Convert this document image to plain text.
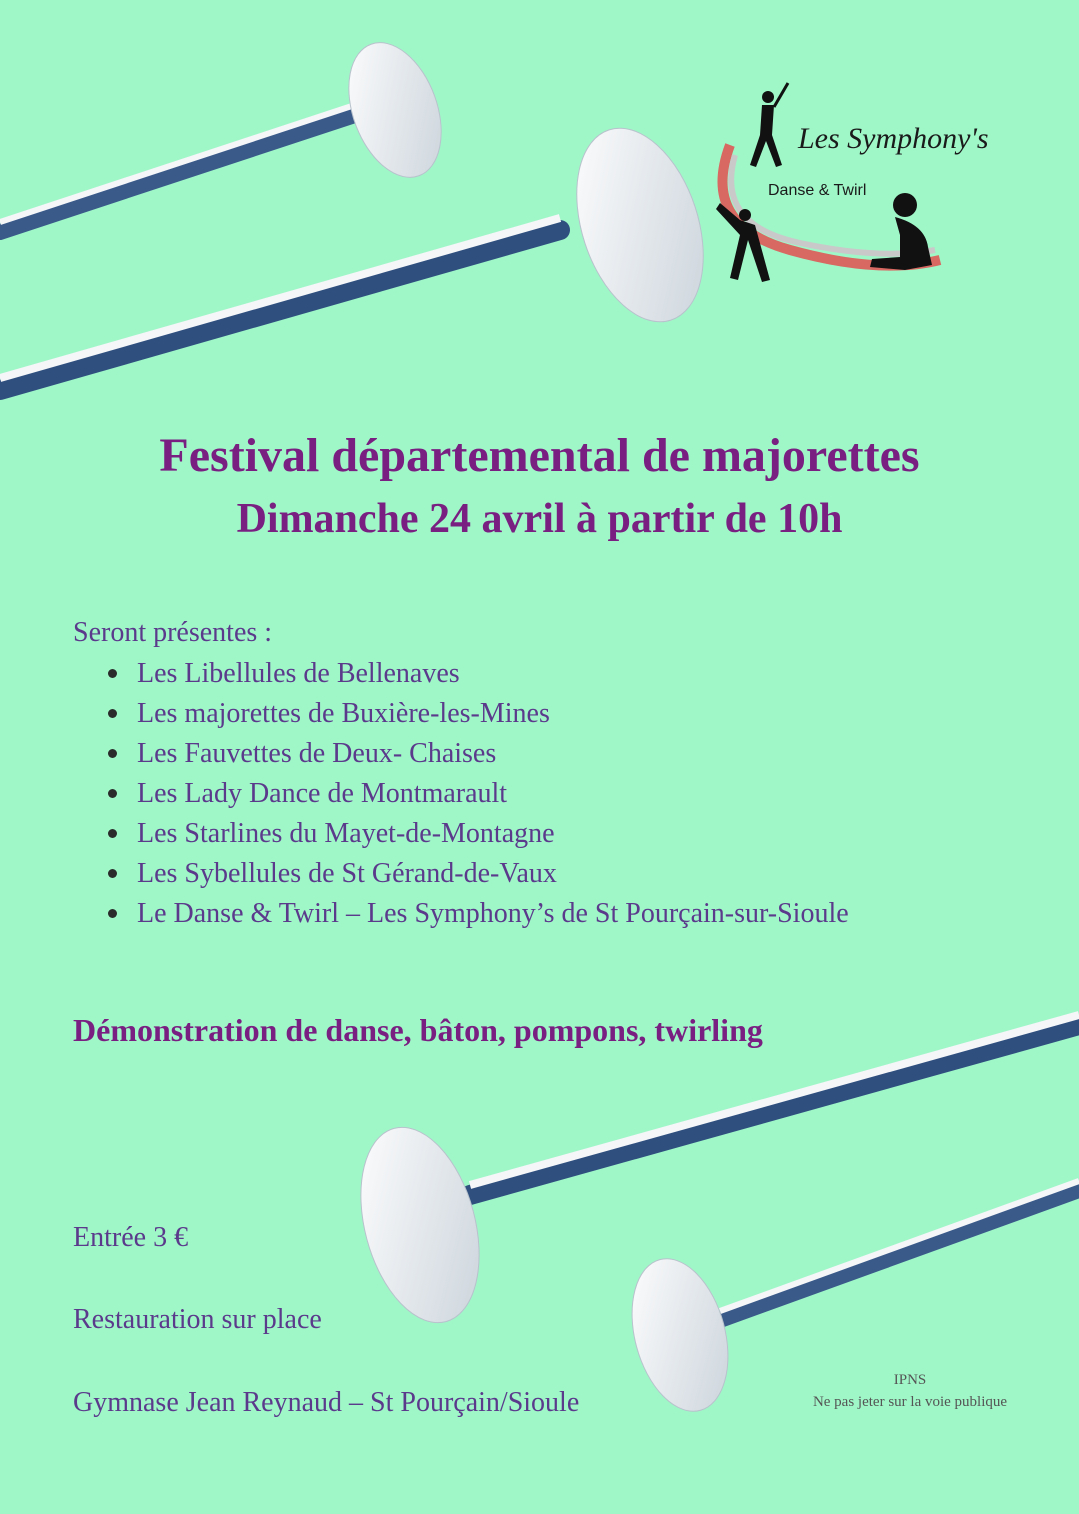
Les Symphony's
Danse & Twirl
Festival départemental de majorettes
Dimanche 24 avril à partir de 10h
Seront présentes :
Les Libellules de Bellenaves
Les majorettes de Buxière-les-Mines
Les Fauvettes de Deux- Chaises
Les Lady Dance de Montmarault
Les Starlines du Mayet-de-Montagne
Les Sybellules de St Gérand-de-Vaux
Le Danse & Twirl – Les Symphony’s de St Pourçain-sur-Sioule
Démonstration de danse, bâton, pompons, twirling
Entrée 3 €
Restauration sur place
Gymnase Jean Reynaud – St Pourçain/Sioule
IPNS
Ne pas jeter sur la voie publique
